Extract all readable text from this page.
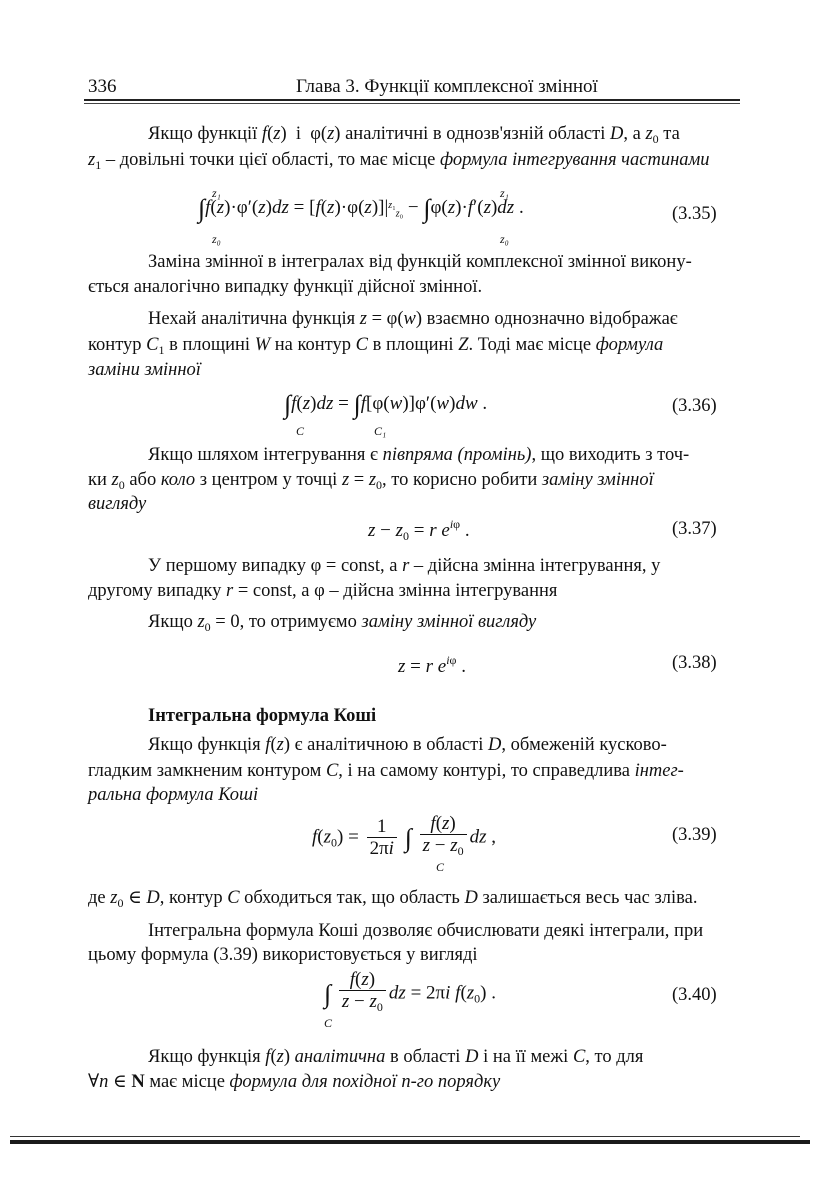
336	Глава 3. Функції комплексної змінної
Якщо функції f(z)  і  φ(z) аналітичні в однозв'язній області D, а $z_0$ та
$z_1$ – довільні точки цієї області, то має місце формула інтегрування частинами
$\int f(z)\cdot\varphi'(z)dz = [f(z)\cdot\varphi(z)]|^{z_1}_{z_0} - \int\varphi(z)\cdot f'(z)dz$ .
z₁
z₀
z₁
z₀
(3.35)
Заміна змінної в інтегралах від функцій комплексної змінної викону-
ється аналогічно випадку функції дійсної змінної.
Нехай аналітична функція z = φ(w) взаємно однозначно відображає
контур $C_1$ в площині W на контур C в площині Z. Тоді має місце формула
заміни змінної
∫f(z)dz = ∫f[φ(w)]φ′(w)dw .
C	C₁
(3.36)
Якщо шляхом інтегрування є півпряма (промінь), що виходить з точ-
ки $z_0$ або коло з центром у точці $z = z_0$, то корисно робити заміну змінної
вигляду
$z - z_0 = r$ $e^{i\varphi}$ .	(3.37)
У першому випадку φ = const, а r – дійсна змінна інтегрування, у
другому випадку r = const, а φ – дійсна змінна інтегрування
Якщо $z_0 = 0$, то отримуємо заміну змінної вигляду
z = r $e^{i\varphi}$ .	(3.38)
Інтегральна формула Коші
Якщо функція f(z) є аналітичною в області D, обмеженій кусково-
гладким замкненим контуром C, і на самому контурі, то справедлива інтег-
ральна формула Коші
$f(z_0) = \frac{1}{2\pi i}$ ∫ $\frac{f(z)}{z - z_0}$ dz ,
C
(3.39)
де $z_0$ ∈ D, контур C обходиться так, що область D залишається весь час зліва.
Інтегральна формула Коші дозволяє обчислювати деякі інтеграли, при
цьому формула (3.39) використовується у вигляді
∫ $\frac{f(z)}{z - z_0}$ dz = 2πi $f(z_0)$ .
C
(3.40)
Якщо функція f(z) аналітична в області D і на її межі C, то для
∀n ∈ N має місце формула для похідної n-го порядку
